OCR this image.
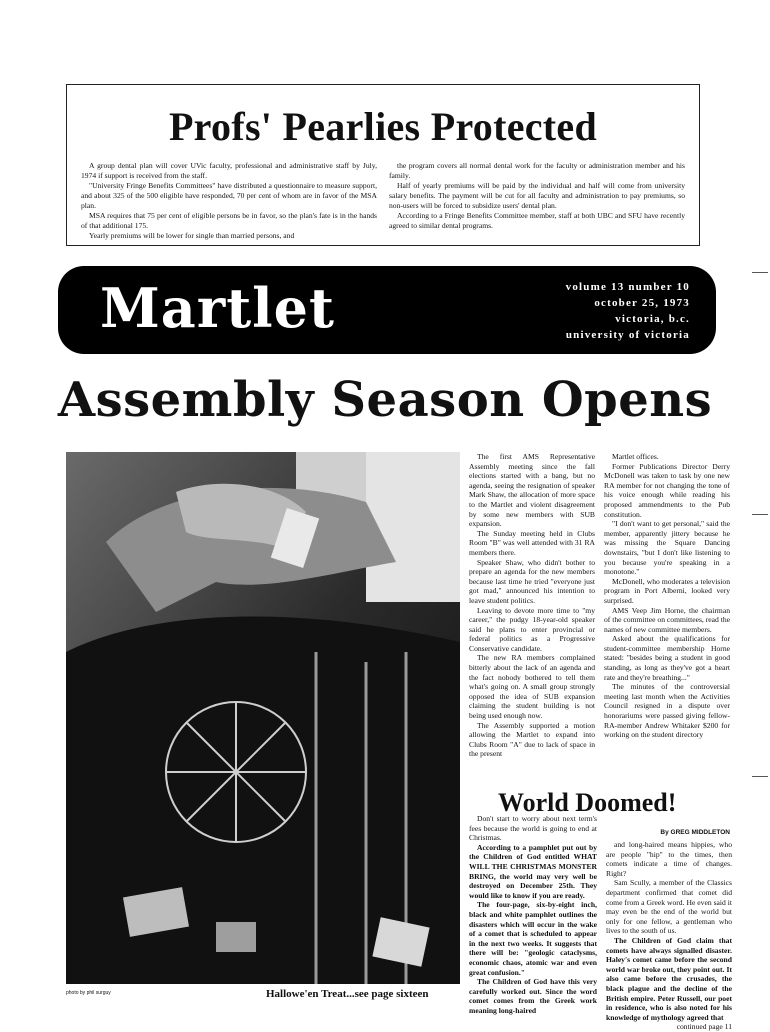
Profs' Pearlies Protected

A group dental plan will cover UVic faculty, professional and administrative staff by July, 1974 if support is received from the staff.

"University Fringe Benefits Committees" have distributed a questionnaire to measure support, and about 325 of the 500 eligible have responded, 70 per cent of whom are in favor of the MSA plan.

MSA requires that 75 per cent of eligible persons be in favor, so the plan's fate is in the hands of that additional 175.

Yearly premiums will be lower for single than married persons, and

the program covers all normal dental work for the faculty or administration member and his family.

Half of yearly premiums will be paid by the individual and half will come from university salary benefits. The payment will be cut for all faculty and administration to pay premiums, so non-users will be forced to subsidize users' dental plan.

According to a Fringe Benefits Committee member, staff at both UBC and SFU have recently agreed to similar dental programs.

Martlet	volume 13 number 10
october 25, 1973
victoria, b.c.
university of victoria
Assembly Season Opens
photo by phil surguy	Hallowe'en Treat...see page sixteen

The first AMS Representative Assembly meeting since the fall elections started with a bang, but no agenda, seeing the resignation of speaker Mark Shaw, the allocation of more space to the Martlet and violent disagreement by some new members with SUB expansion.

The Sunday meeting held in Clubs Room "B" was well attended with 31 RA members there.

Speaker Shaw, who didn't bother to prepare an agenda for the new members because last time he tried "everyone just got mad," announced his intention to leave student politics.

Leaving to devote more time to "my career," the pudgy 18-year-old speaker said he plans to enter provincial or federal politics as a Progressive Conservative candidate.

The new RA members complained bitterly about the lack of an agenda and the fact nobody bothered to tell them what's going on. A small group strongly opposed the idea of SUB expansion claiming the student building is not being used enough now.

The Assembly supported a motion allowing the Martlet to expand into Clubs Room "A" due to lack of space in the present

Martlet offices.

Former Publications Director Derry McDonell was taken to task by one new RA member for not changing the tone of his voice enough while reading his proposed ammendments to the Pub constitution.

"I don't want to get personal," said the member, apparently jittery because he was missing the Square Dancing downstairs, "but I don't like listening to you because you're speaking in a monotone."

McDonell, who moderates a television program in Port Alberni, looked very surprised.

AMS Veep Jim Horne, the chairman of the committee on committees, read the names of new committee members.

Asked about the qualifications for student-committee membership Horne stated: "besides being a student in good standing, as long as they've got a heart rate and they're breathing..."

The minutes of the controversial meeting last month when the Activities Council resigned in a dispute over honorariums were passed giving fellow-RA-member Andrew Whitaker $200 for working on the student directory

World Doomed!
By GREG MIDDLETON

Don't start to worry about next term's fees because the world is going to end at Christmas.

According to a pamphlet put out by the Children of God entitled WHAT WILL THE CHRISTMAS MONSTER BRING, the world may very well be destroyed on December 25th. They would like to know if you are ready.

The four-page, six-by-eight inch, black and white pamphlet outlines the disasters which will occur in the wake of a comet that is scheduled to appear in the next two weeks. It suggests that there will be: "geologic cataclysms, economic chaos, atomic war and even great confusion."

The Children of God have this very carefully worked out. Since the word comet comes from the Greek work meaning long-haired

and long-haired means hippies, who are people "hip" to the times, then comets indicate a time of changes. Right?

Sam Scully, a member of the Classics department confirmed that comet did come from a Greek word. He even said it may even be the end of the world but only for one fellow, a gentleman who lives to the south of us.

The Children of God claim that comets have always signalled disaster. Haley's comet came before the second world war broke out, they point out. It also came before the crusades, the black plague and the decline of the British empire. Peter Russell, our poet in residence, who is also noted for his knowledge of mythology agreed that

continued page 11
